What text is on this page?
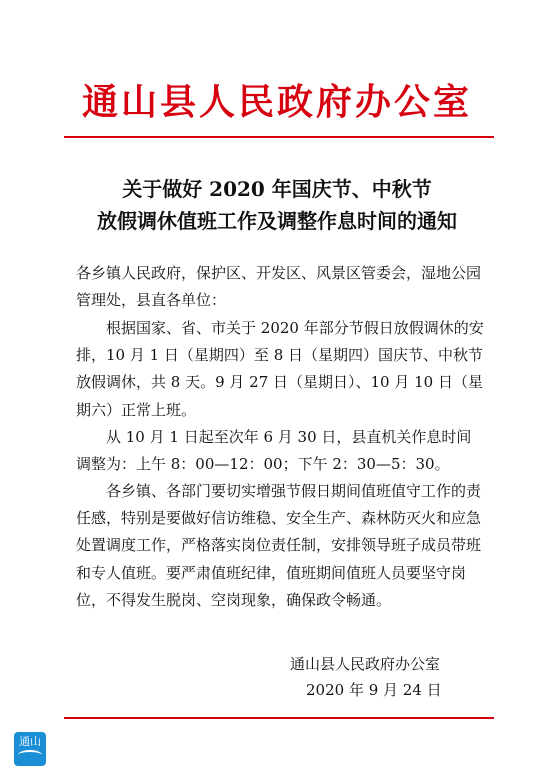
通山县人民政府办公室
关于做好 2020 年国庆节、中秋节
放假调休值班工作及调整作息时间的通知
各乡镇人民政府，保护区、开发区、风景区管委会，湿地公园管理处，县直各单位：
根据国家、省、市关于 2020 年部分节假日放假调休的安排，10 月 1 日（星期四）至 8 日（星期四）国庆节、中秋节放假调休，共 8 天。9 月 27 日（星期日）、10 月 10 日（星期六）正常上班。
从 10 月 1 日起至次年 6 月 30 日，县直机关作息时间调整为：上午 8：00—12：00；下午 2：30—5：30。
各乡镇、各部门要切实增强节假日期间值班值守工作的责任感，特别是要做好信访维稳、安全生产、森林防灭火和应急处置调度工作，严格落实岗位责任制，安排领导班子成员带班和专人值班。要严肃值班纪律，值班期间值班人员要坚守岗位，不得发生脱岗、空岗现象，确保政令畅通。
通山县人民政府办公室
2020 年 9 月 24 日
通山
